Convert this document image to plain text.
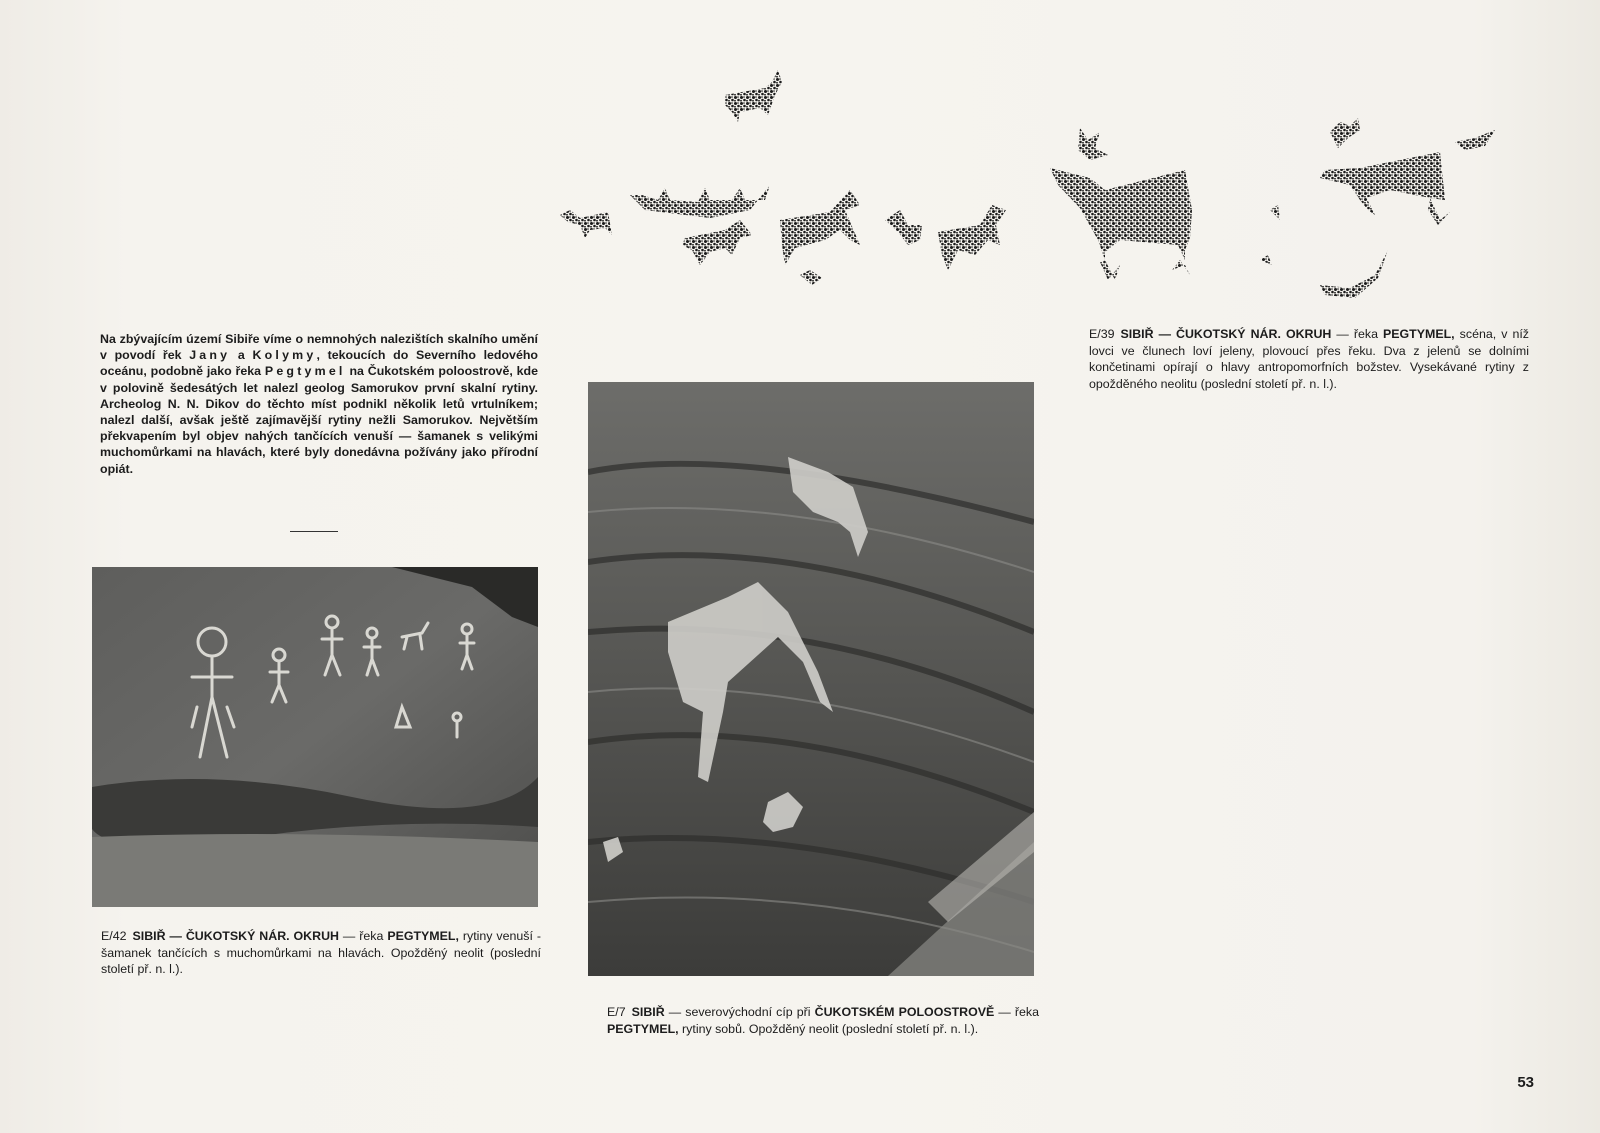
Na zbývajícím území Sibiře víme o nemnohých nalezištích skalního umění v povodí řek Jany a Kolymy, tekoucích do Severního ledového oceánu, podobně jako řeka Pegtymel na Čukotském poloostrově, kde v polovině šedesátých let nalezl geolog Samorukov první skalní rytiny. Archeolog N. N. Dikov do těchto míst podnikl několik letů vrtulníkem; nalezl další, avšak ještě zajímavější rytiny nežli Samorukov. Největším překvapením byl objev nahých tančících venuší — šamanek s velikými muchomůrkami na hlavách, které byly donedávna požívány jako přírodní opiát.
E/39 SIBIŘ — ČUKOTSKÝ NÁR. OKRUH — řeka PEGTYMEL, scéna, v níž lovci ve člunech loví jeleny, plovoucí přes řeku. Dva z jelenů se dolními končetinami opírají o hlavy antropomorfních božstev. Vysekávané rytiny z opožděného neolitu (poslední století př. n. l.).
E/42 SIBIŘ — ČUKOTSKÝ NÁR. OKRUH — řeka PEGTYMEL, rytiny venuší - šamanek tančících s muchomůrkami na hlavách. Opožděný neolit (poslední století př. n. l.).
E/7 SIBIŘ — severovýchodní cíp při ČUKOTSKÉM POLOOSTROVĚ — řeka PEGTYMEL, rytiny sobů. Opožděný neolit (poslední století př. n. l.).
53
